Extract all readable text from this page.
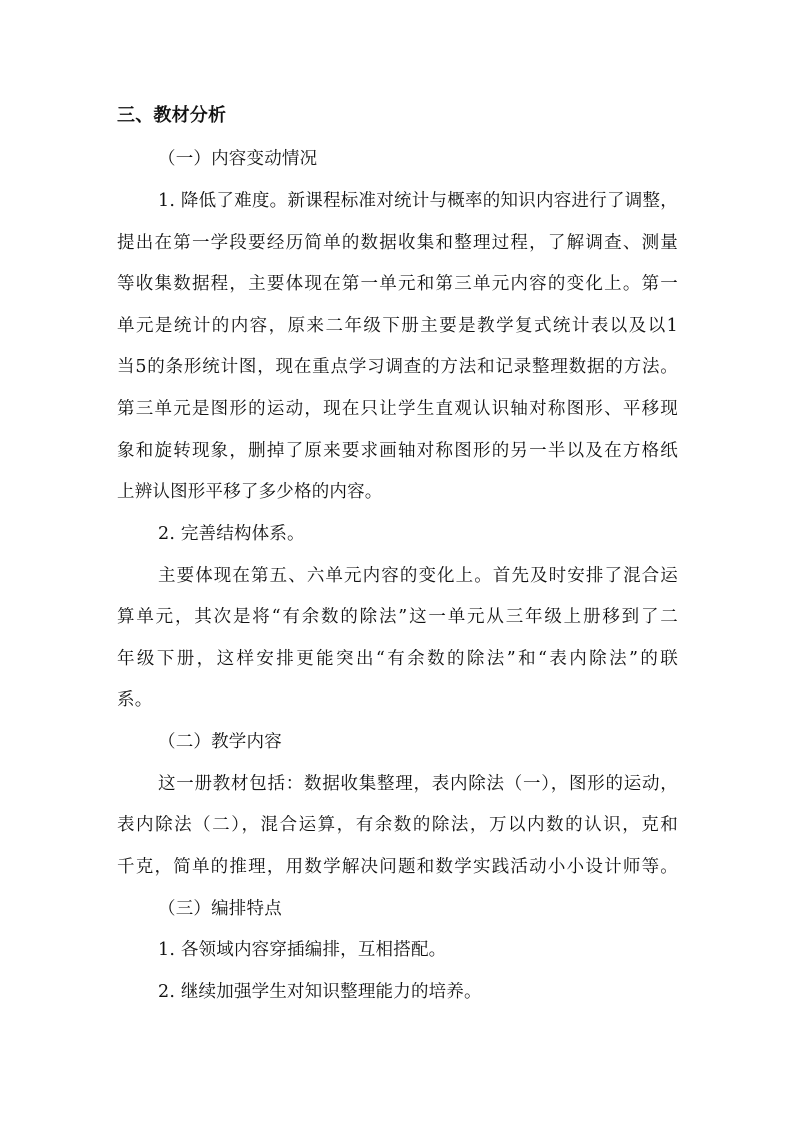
三、教材分析
（一）内容变动情况
1. 降低了难度。新课程标准对统计与概率的知识内容进行了调整，
提出在第一学段要经历简单的数据收集和整理过程，了解调查、测量
等收集数据程，主要体现在第一单元和第三单元内容的变化上。第一
单元是统计的内容，原来二年级下册主要是教学复式统计表以及以1
当5的条形统计图，现在重点学习调查的方法和记录整理数据的方法。
第三单元是图形的运动，现在只让学生直观认识轴对称图形、平移现
象和旋转现象，删掉了原来要求画轴对称图形的另一半以及在方格纸
上辨认图形平移了多少格的内容。
2. 完善结构体系。
主要体现在第五、六单元内容的变化上。首先及时安排了混合运
算单元，其次是将“有余数的除法”这一单元从三年级上册移到了二
年级下册，这样安排更能突出“有余数的除法”和“表内除法”的联
系。
（二）教学内容
这一册教材包括：数据收集整理，表内除法（一），图形的运动，
表内除法（二），混合运算，有余数的除法，万以内数的认识，克和
千克，简单的推理，用数学解决问题和数学实践活动小小设计师等。
（三）编排特点
1. 各领域内容穿插编排，互相搭配。
2. 继续加强学生对知识整理能力的培养。
